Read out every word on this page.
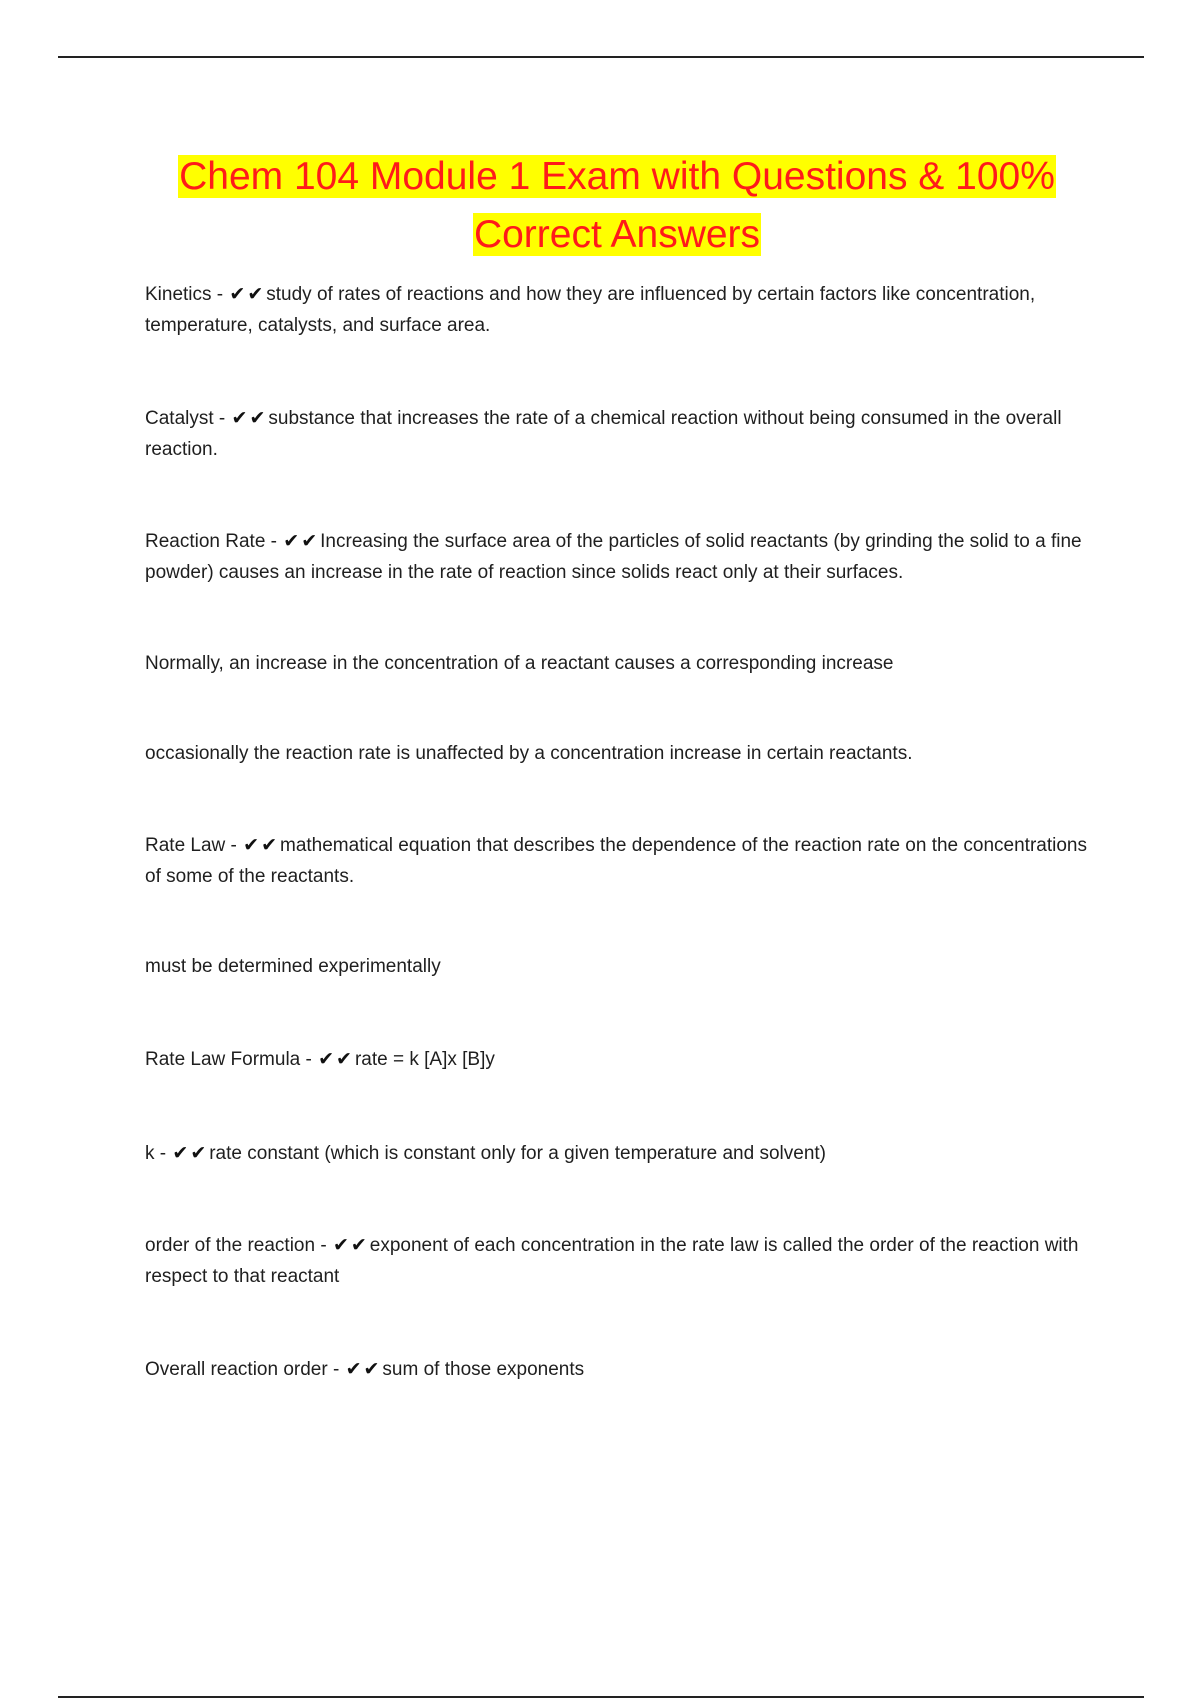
Chem 104 Module 1 Exam with Questions & 100%
Correct Answers
Kinetics - ✔✔study of rates of reactions and how they are influenced by certain factors like concentration, temperature, catalysts, and surface area.
Catalyst - ✔✔substance that increases the rate of a chemical reaction without being consumed in the overall reaction.
Reaction Rate - ✔✔Increasing the surface area of the particles of solid reactants (by grinding the solid to a fine powder) causes an increase in the rate of reaction since solids react only at their surfaces.
Normally, an increase in the concentration of a reactant causes a corresponding increase
occasionally the reaction rate is unaffected by a concentration increase in certain reactants.
Rate Law - ✔✔mathematical equation that describes the dependence of the reaction rate on the concentrations of some of the reactants.
must be determined experimentally
Rate Law Formula - ✔✔rate = k [A]x [B]y
k - ✔✔rate constant (which is constant only for a given temperature and solvent)
order of the reaction - ✔✔exponent of each concentration in the rate law is called the order of the reaction with respect to that reactant
Overall reaction order - ✔✔sum of those exponents
